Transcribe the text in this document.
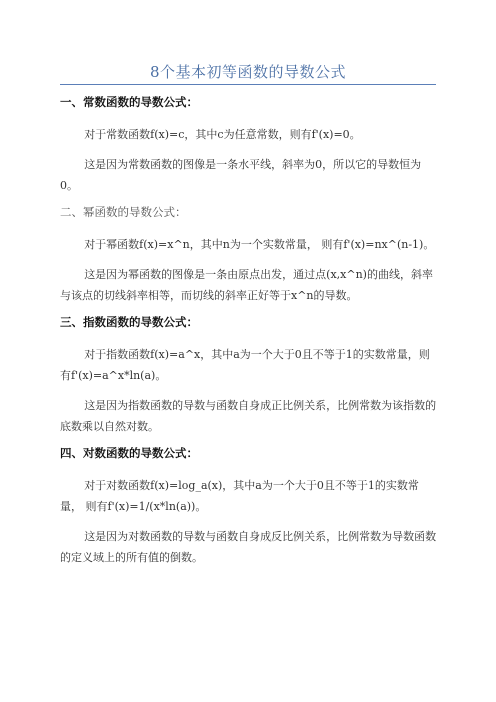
8个基本初等函数的导数公式

一、常数函数的导数公式：

对于常数函数f(x)=c，其中c为任意常数，则有f'(x)=0。

这是因为常数函数的图像是一条水平线，斜率为0，所以它的导数恒为0。

二、幂函数的导数公式：

对于幂函数f(x)=x^n，其中n为一个实数常量， 则有f'(x)=nx^(n-1)。

这是因为幂函数的图像是一条由原点出发，通过点(x,x^n)的曲线，斜率与该点的切线斜率相等，而切线的斜率正好等于x^n的导数。

三、指数函数的导数公式：

对于指数函数f(x)=a^x，其中a为一个大于0且不等于1的实数常量，则有f'(x)=a^x*ln(a)。

这是因为指数函数的导数与函数自身成正比例关系，比例常数为该指数的底数乘以自然对数。

四、对数函数的导数公式：

对于对数函数f(x)=log_a(x)，其中a为一个大于0且不等于1的实数常量， 则有f'(x)=1/(x*ln(a))。

这是因为对数函数的导数与函数自身成反比例关系，比例常数为导数函数的定义域上的所有值的倒数。
